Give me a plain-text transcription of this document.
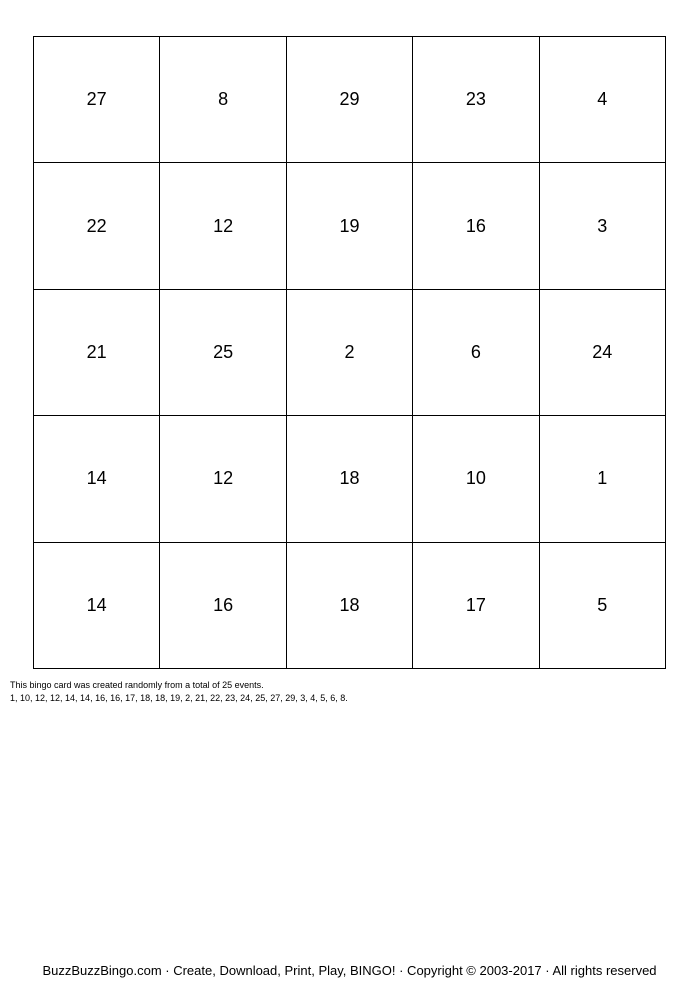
27	8	29	23	4
22	12	19	16	3
21	25	2	6	24
14	12	18	10	1
14	16	18	17	5
This bingo card was created randomly from a total of 25 events.
1, 10, 12, 12, 14, 14, 16, 16, 17, 18, 18, 19, 2, 21, 22, 23, 24, 25, 27, 29, 3, 4, 5, 6, 8.
BuzzBuzzBingo.com · Create, Download, Print, Play, BINGO! · Copyright © 2003-2017 · All rights reserved
